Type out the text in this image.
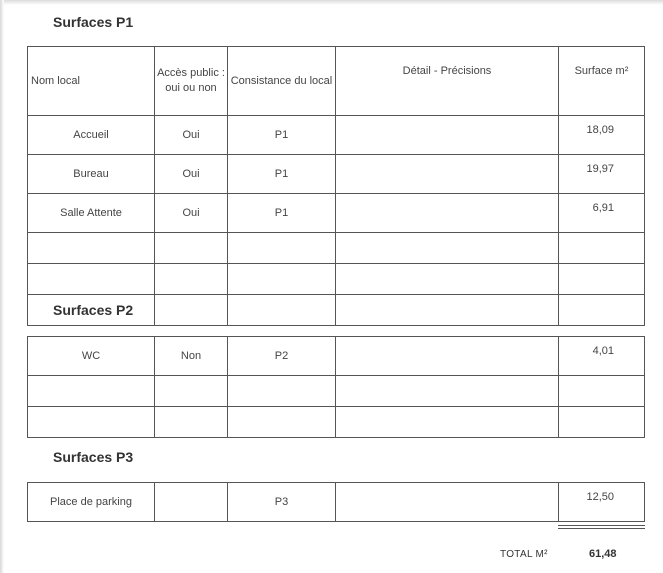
Surfaces P1
Nom local	Accès public : oui ou non	Consistance du local	Détail - Précisions	Surface m²
Accueil	Oui	P1		18,09
Bureau	Oui	P1		19,97
Salle Attente	Oui	P1		6,91

Surfaces P2
WC	Non	P2		4,01

Surfaces P3
Place de parking		P3		12,50
TOTAL M²	61,48
